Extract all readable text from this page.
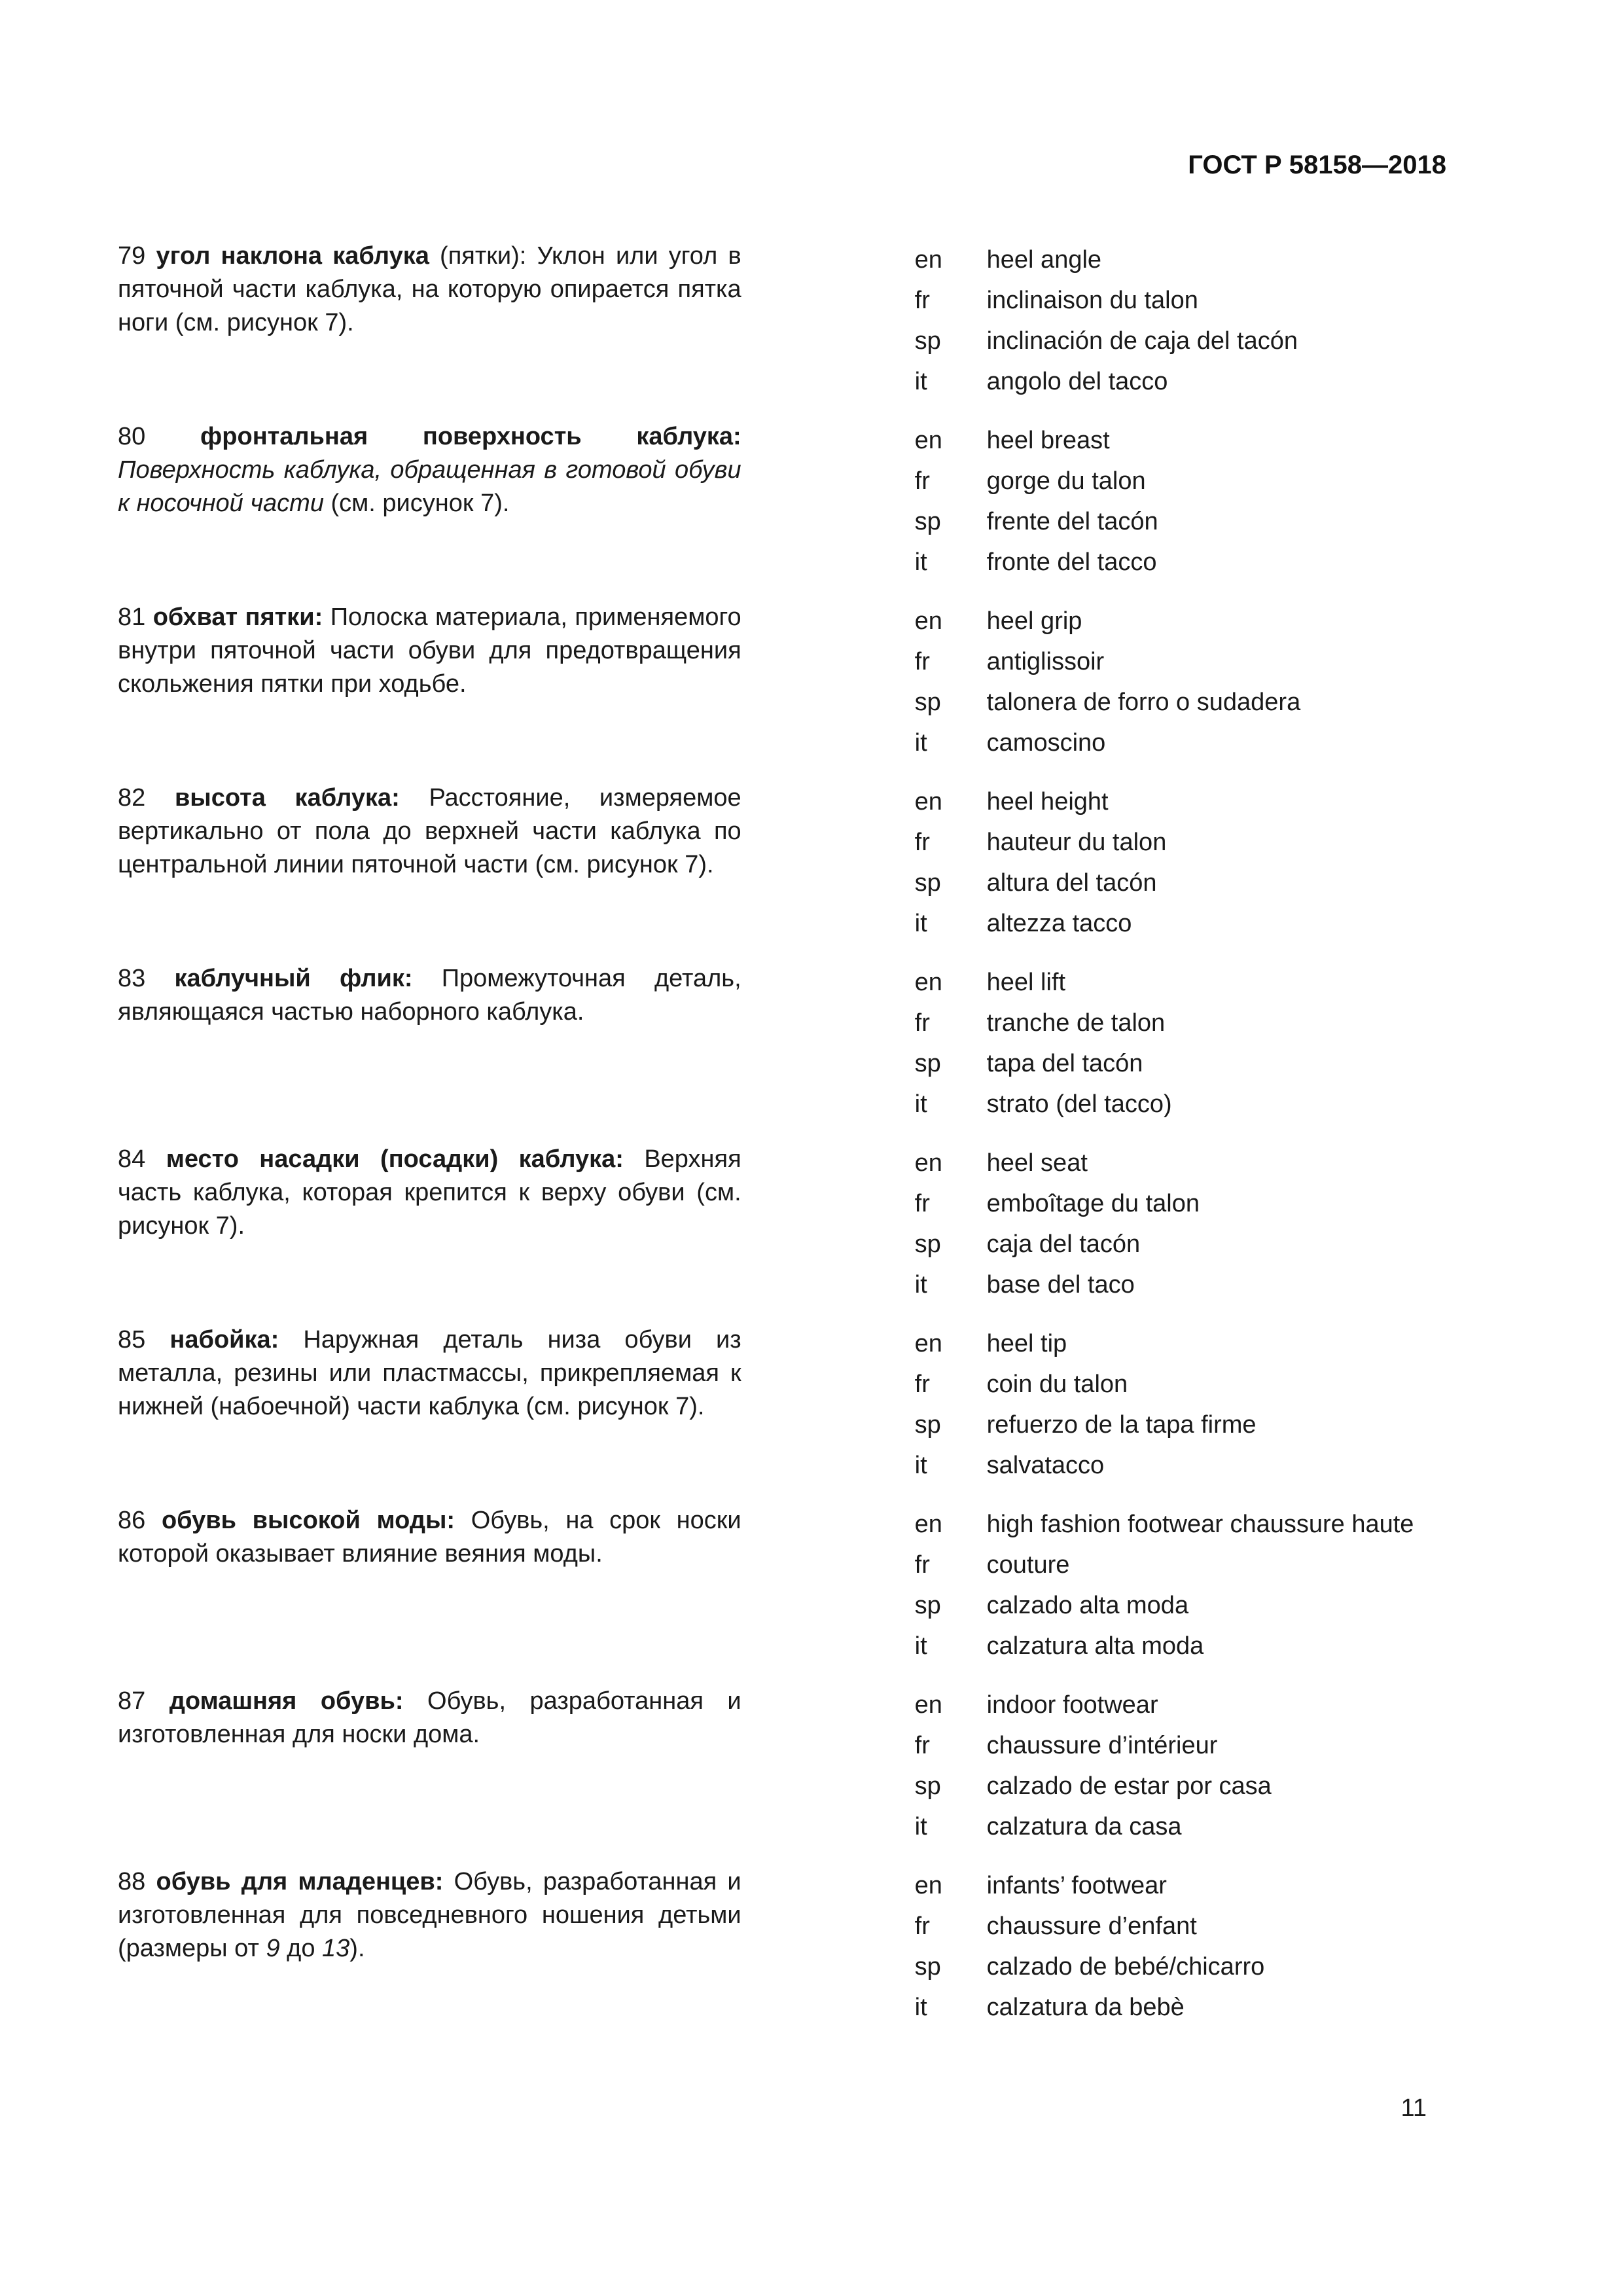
ГОСТ Р 58158—2018
79 угол наклона каблука (пятки): Уклон или угол в пяточной части каблука, на которую опирается пятка ноги (см. рисунок 7).
en	heel angle
fr	inclinaison du talon
sp	inclinación de caja del tacón
it	angolo del tacco
80 фронтальная поверхность каблука: Поверхность каблука, обращенная в готовой обуви к носочной части (см. рисунок 7).
en	heel breast
fr	gorge du talon
sp	frente del tacón
it	fronte del tacco
81 обхват пятки: Полоска материала, применяемого внутри пяточной части обуви для предотвращения скольжения пятки при ходьбе.
en	heel grip
fr	antiglissoir
sp	talonera de forro o sudadera
it	camoscino
82 высота каблука: Расстояние, измеряемое вертикально от пола до верхней части каблука по центральной линии пяточной части (см. рисунок 7).
en	heel height
fr	hauteur du talon
sp	altura del tacón
it	altezza tacco
83 каблучный флик: Промежуточная деталь, являющаяся частью наборного каблука.
en	heel lift
fr	tranche de talon
sp	tapa del tacón
it	strato (del tacco)
84 место насадки (посадки) каблука: Верхняя часть каблука, которая крепится к верху обуви (см. рисунок 7).
en	heel seat
fr	emboîtage du talon
sp	caja del tacón
it	base del taco
85 набойка: Наружная деталь низа обуви из металла, резины или пластмассы, прикрепляемая к нижней (набоечной) части каблука (см. рисунок 7).
en	heel tip
fr	coin du talon
sp	refuerzo de la tapa firme
it	salvatacco
86 обувь высокой моды: Обувь, на срок носки которой оказывает влияние веяния моды.
en	high fashion footwear chaussure haute
fr	couture
sp	calzado alta moda
it	calzatura alta moda
87 домашняя обувь: Обувь, разработанная и изготовленная для носки дома.
en	indoor footwear
fr	chaussure d’intérieur
sp	calzado de estar por casa
it	calzatura da casa
88 обувь для младенцев: Обувь, разработанная и изготовленная для повседневного ношения детьми (размеры от 9 до 13).
en	infants’ footwear
fr	chaussure d’enfant
sp	calzado de bebé/chicarro
it	calzatura da bebè
11
